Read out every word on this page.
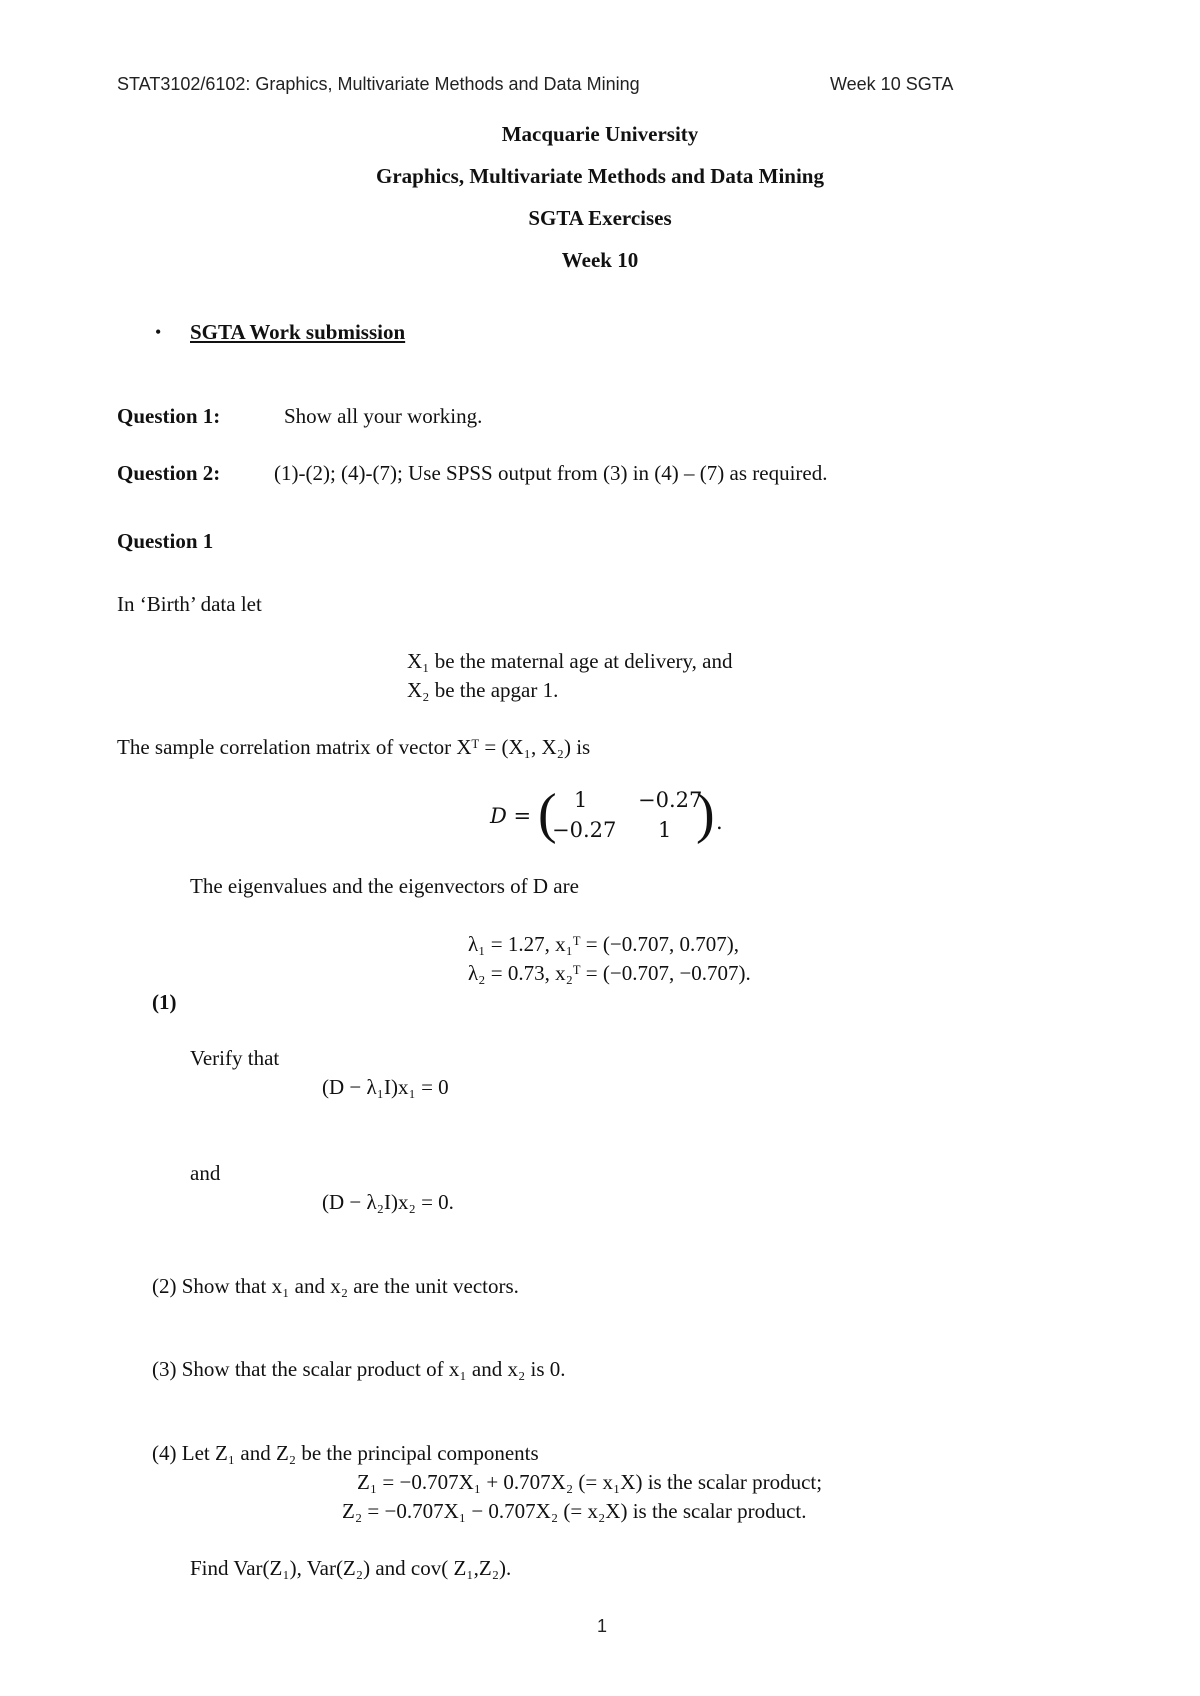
STAT3102/6102: Graphics, Multivariate Methods and Data Mining	Week 10 SGTA
Macquarie University
Graphics, Multivariate Methods and Data Mining
SGTA Exercises
Week 10
• SGTA Work submission
Question 1:	Show all your working.
Question 2:	(1)-(2); (4)-(7); Use SPSS output from (3) in (4) – (7) as required.
Question 1
In ‘Birth’ data let
X₁ be the maternal age at delivery, and
X₂ be the apgar 1.
The sample correlation matrix of vector Xᵀ = (X₁, X₂) is
D = ( 1 −0.27
−0.27 1 ) .
The eigenvalues and the eigenvectors of D are
λ₁ = 1.27, x₁ᵀ = (−0.707, 0.707),
λ₂ = 0.73, x₂ᵀ = (−0.707, −0.707).
(1)
Verify that
(D − λ₁I)x₁ = 0
and
(D − λ₂I)x₂ = 0.
(2) Show that x₁ and x₂ are the unit vectors.
(3) Show that the scalar product of x₁ and x₂ is 0.
(4) Let Z₁ and Z₂ be the principal components
Z₁ = −0.707X₁ + 0.707X₂ (= x₁X) is the scalar product;
Z₂ = −0.707X₁ − 0.707X₂ (= x₂X) is the scalar product.
Find Var(Z₁), Var(Z₂) and cov( Z₁,Z₂).
1
